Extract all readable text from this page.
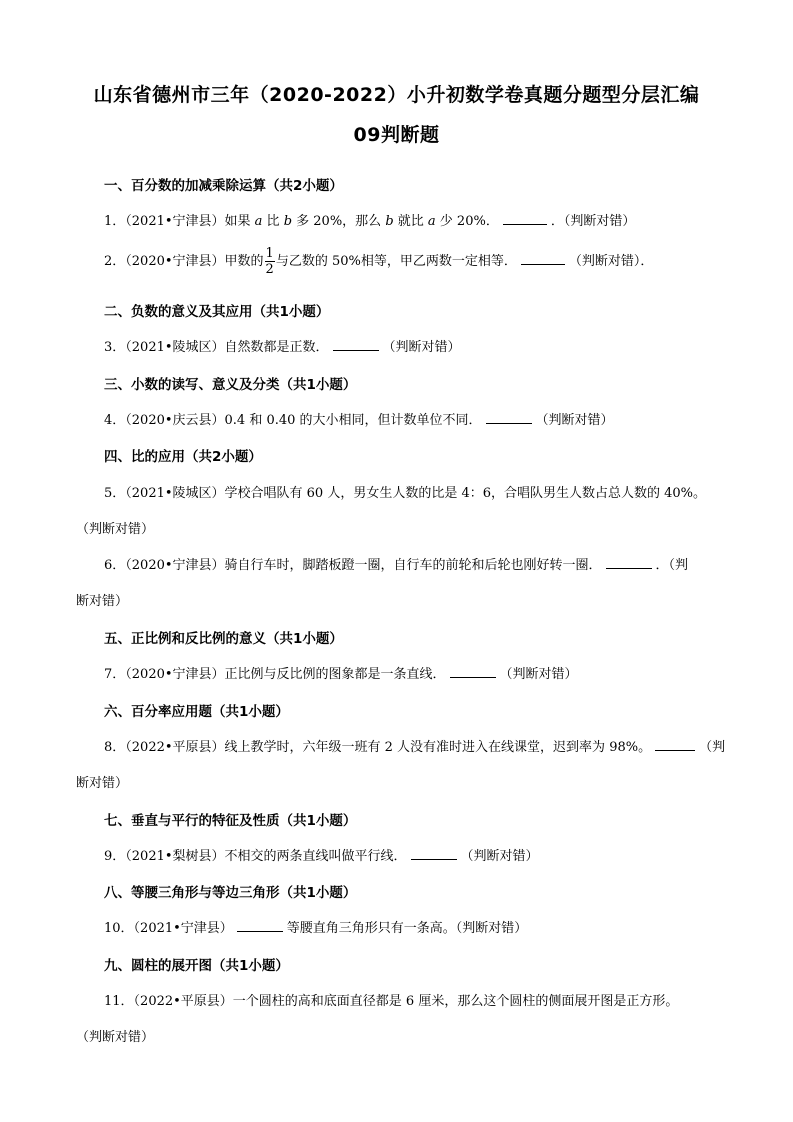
山东省德州市三年（2020-2022）小升初数学卷真题分题型分层汇编
09判断题
一、百分数的加减乘除运算（共2小题）
1．（2021•宁津县）如果 a 比 b 多 20%，那么 b 就比 a 少 20%．	．（判断对错）
2．（2020•宁津县）甲数的 $\frac{1}{2}$ 与乙数的 50%相等，甲乙两数一定相等．	（判断对错）．
二、负数的意义及其应用（共1小题）
3．（2021•陵城区）自然数都是正数．	（判断对错）
三、小数的读写、意义及分类（共1小题）
4．（2020•庆云县）0.4 和 0.40 的大小相同，但计数单位不同．	（判断对错）
四、比的应用（共2小题）
5．（2021•陵城区）学校合唱队有 60 人，男女生人数的比是 4：6，合唱队男生人数占总人数的 40%。
（判断对错）
6．（2020•宁津县）骑自行车时，脚踏板蹬一圈，自行车的前轮和后轮也刚好转一圈．	．（判
断对错）
五、正比例和反比例的意义（共1小题）
7．（2020•宁津县）正比例与反比例的图象都是一条直线．	（判断对错）
六、百分率应用题（共1小题）
8．（2022•平原县）线上教学时，六年级一班有 2 人没有准时进入在线课堂，迟到率为 98%。	（判
断对错）
七、垂直与平行的特征及性质（共1小题）
9．（2021•梨树县）不相交的两条直线叫做平行线．	（判断对错）
八、等腰三角形与等边三角形（共1小题）
10．（2021•宁津县）	等腰直角三角形只有一条高。（判断对错）
九、圆柱的展开图（共1小题）
11．（2022•平原县）一个圆柱的高和底面直径都是 6 厘米，那么这个圆柱的侧面展开图是正方形。
（判断对错）
